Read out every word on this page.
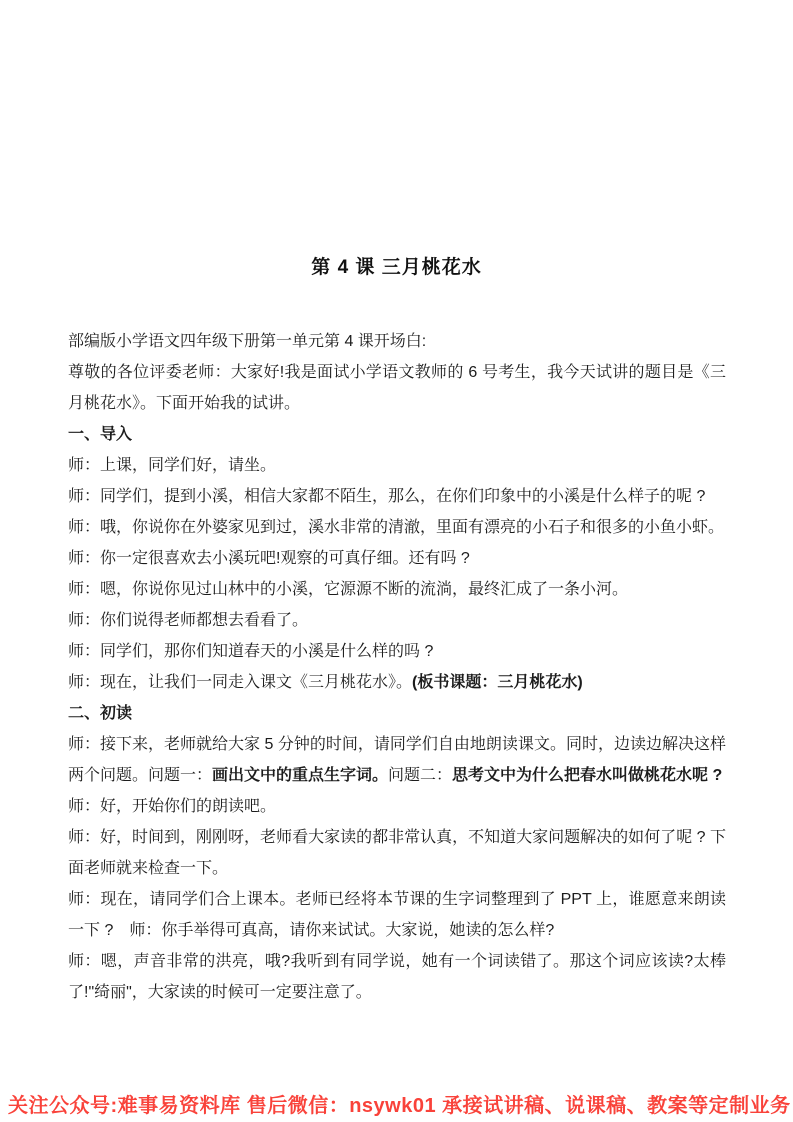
第 4 课 三月桃花水
部编版小学语文四年级下册第一单元第 4 课开场白:
尊敬的各位评委老师：大家好!我是面试小学语文教师的 6 号考生，我今天试讲的题目是《三月桃花水》。下面开始我的试讲。
一、导入
师：上课，同学们好，请坐。
师：同学们，提到小溪，相信大家都不陌生，那么，在你们印象中的小溪是什么样子的呢 ?
师：哦，你说你在外婆家见到过，溪水非常的清澈，里面有漂亮的小石子和很多的小鱼小虾。
师：你一定很喜欢去小溪玩吧!观察的可真仔细。还有吗 ?
师：嗯，你说你见过山林中的小溪，它源源不断的流淌，最终汇成了一条小河。
师：你们说得老师都想去看看了。
师：同学们，那你们知道春天的小溪是什么样的吗 ?
师：现在，让我们一同走入课文《三月桃花水》。(板书课题：三月桃花水)
二、初读
师：接下来，老师就给大家 5 分钟的时间，请同学们自由地朗读课文。同时，边读边解决这样两个问题。问题一：画出文中的重点生字词。问题二：思考文中为什么把春水叫做桃花水呢 ?
师：好，开始你们的朗读吧。
师：好，时间到，刚刚呀，老师看大家读的都非常认真，不知道大家问题解决的如何了呢 ? 下面老师就来检查一下。
师：现在，请同学们合上课本。老师已经将本节课的生字词整理到了 PPT 上，谁愿意来朗读一下 ?　师：你手举得可真高，请你来试试。大家说，她读的怎么样?
师：嗯，声音非常的洪亮，哦?我听到有同学说，她有一个词读错了。那这个词应该读?太棒了!"绮丽"，大家读的时候可一定要注意了。
关注公众号:难事易资料库 售后微信：nsywk01 承接试讲稿、说课稿、教案等定制业务
